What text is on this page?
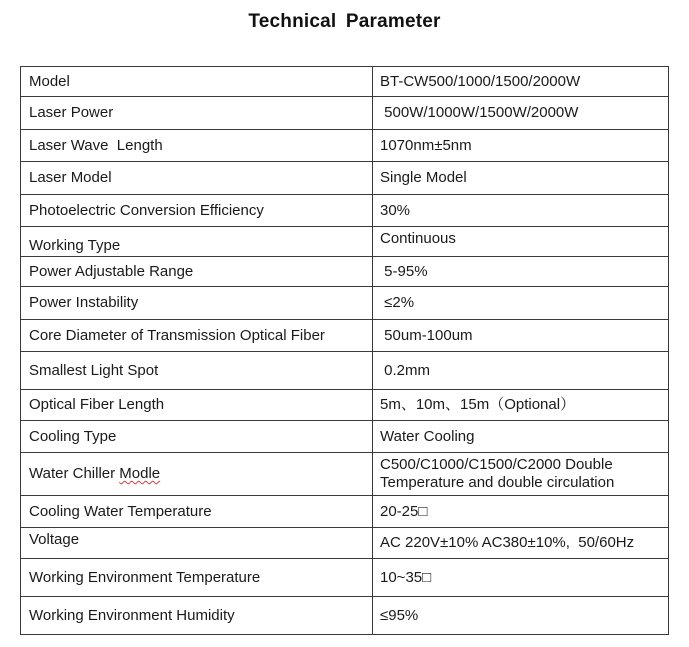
Technical Parameter
Model	BT-CW500/1000/1500/2000W
Laser Power	500W/1000W/1500W/2000W
Laser Wave  Length	1070nm±5nm
Laser Model	Single Model
Photoelectric Conversion Efficiency	30%
Working Type	Continuous
Power Adjustable Range	5-95%
Power Instability	≤2%
Core Diameter of Transmission Optical Fiber	50um-100um
Smallest Light Spot	0.2mm
Optical Fiber Length	5m、10m、15m（Optional）
Cooling Type	Water Cooling
Water Chiller Modle	C500/C1000/C1500/C2000 Double
Temperature and double circulation

Cooling Water Temperature	20-25□
Voltage	AC 220V±10% AC380±10%,  50/60Hz
Working Environment Temperature	10~35□
Working Environment Humidity	≤95%
